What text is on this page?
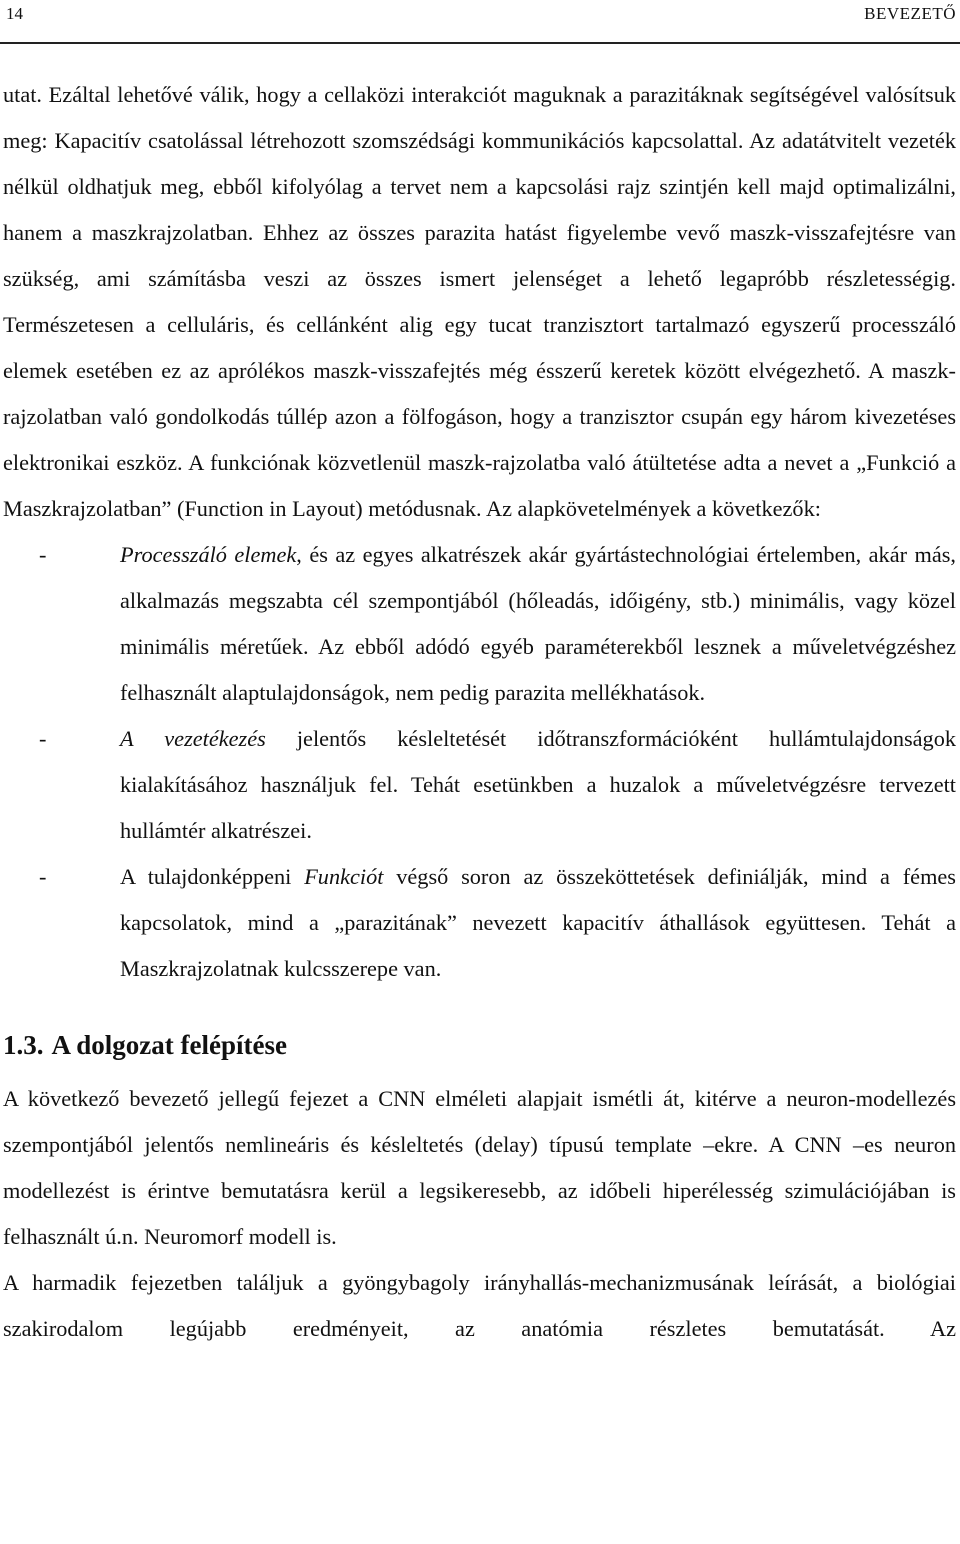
14	BEVEZETŐ

utat. Ezáltal lehetővé válik, hogy a cellaközi interakciót maguknak a parazitáknak segítségével valósítsuk meg: Kapacitív csatolással létrehozott szomszédsági kommunikációs kapcsolattal. Az adatátvitelt vezeték nélkül oldhatjuk meg, ebből kifolyólag a tervet nem a kapcsolási rajz szintjén kell majd optimalizálni, hanem a maszkrajzolatban. Ehhez az összes parazita hatást figyelembe vevő maszk-visszafejtésre van szükség, ami számításba veszi az összes ismert jelenséget a lehető legapróbb részletességig. Természetesen a celluláris, és cellánként alig egy tucat tranzisztort tartalmazó egyszerű processzáló elemek esetében ez az aprólékos maszk-visszafejtés még ésszerű keretek között elvégezhető. A maszk-rajzolatban való gondolkodás túllép azon a fölfogáson, hogy a tranzisztor csupán egy három kivezetéses elektronikai eszköz. A funkciónak közvetlenül maszk-rajzolatba való átültetése adta a nevet a „Funkció a Maszkrajzolatban” (Function in Layout) metódusnak. Az alapkövetelmények a következők:

-	Processzáló elemek, és az egyes alkatrészek akár gyártástechnológiai értelemben, akár más, alkalmazás megszabta cél szempontjából (hőleadás, időigény, stb.) minimális, vagy közel minimális méretűek. Az ebből adódó egyéb paraméterekből lesznek a műveletvégzéshez felhasznált alaptulajdonságok, nem pedig parazita mellékhatások.
-	A vezetékezés jelentős késleltetését időtranszformációként hullámtulajdonságok kialakításához használjuk fel. Tehát esetünkben a huzalok a műveletvégzésre tervezett hullámtér alkatrészei.
-	A tulajdonképpeni Funkciót végső soron az összeköttetések definiálják, mind a fémes kapcsolatok, mind a „parazitának” nevezett kapacitív áthallások együttesen. Tehát a Maszkrajzolatnak kulcsszerepe van.
1.3. A dolgozat felépítése

A következő bevezető jellegű fejezet a CNN elméleti alapjait ismétli át, kitérve a neuron-modellezés szempontjából jelentős nemlineáris és késleltetés (delay) típusú template –ekre. A CNN –es neuron modellezést is érintve bemutatásra kerül a legsikeresebb, az időbeli hiperélesség szimulációjában is felhasznált ú.n. Neuromorf modell is.

A harmadik fejezetben találjuk a gyöngybagoly irányhallás-mechanizmusának leírását, a biológiai szakirodalom legújabb eredményeit, az anatómia részletes bemutatását. Az
